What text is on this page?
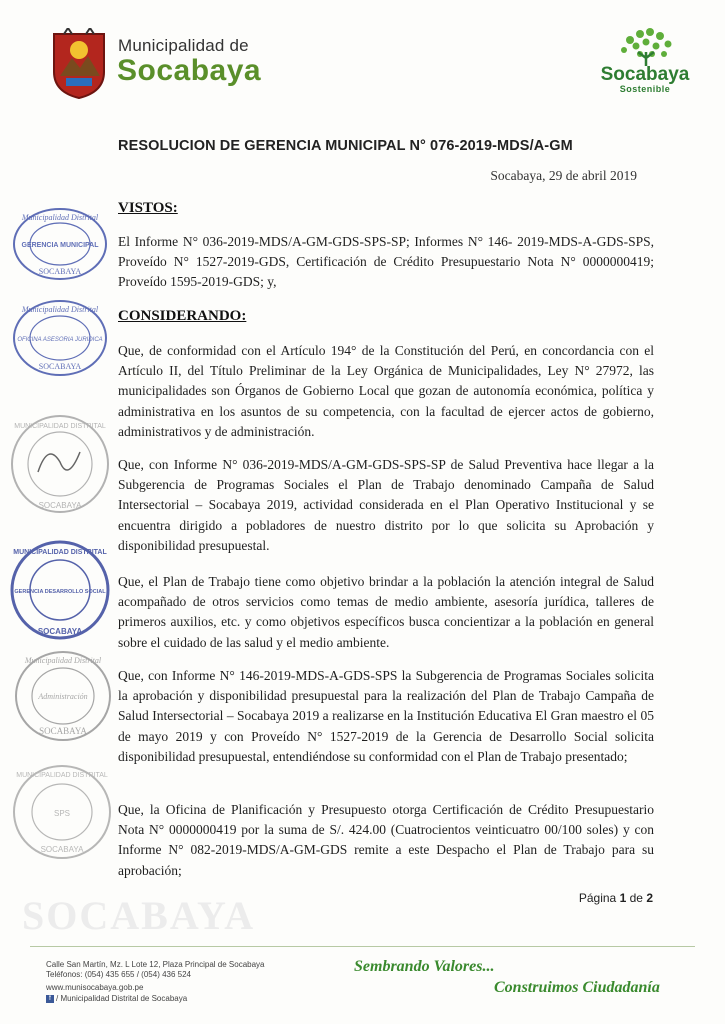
Municipalidad de
Socabaya	Socabaya
Sostenible
RESOLUCION DE GERENCIA MUNICIPAL N° 076-2019-MDS/A-GM
Socabaya, 29 de abril 2019
Municipalidad Distrital
GERENCIA MUNICIPAL
SOCABAYA
Municipalidad Distrital
OFICINA ASESORIA JURIDICA
SOCABAYA
MUNICIPALIDAD DISTRITAL
SOCABAYA
MUNICIPALIDAD DISTRITAL
GERENCIA DESARROLLO SOCIAL
SOCABAYA
Municipalidad Distrital
Administración
SOCABAYA
MUNICIPALIDAD DISTRITAL
SPS
SOCABAYA
VISTOS:
El Informe N° 036-2019-MDS/A-GM-GDS-SPS-SP; Informes N° 146- 2019-MDS-A-GDS-SPS, Proveído N° 1527-2019-GDS, Certificación de Crédito Presupuestario Nota N° 0000000419; Proveído 1595-2019-GDS; y,
CONSIDERANDO:
Que, de conformidad con el Artículo 194° de la Constitución del Perú, en concordancia con el Artículo II, del Título Preliminar de la Ley Orgánica de Municipalidades, Ley N° 27972, las municipalidades son Órganos de Gobierno Local que gozan de autonomía económica, política y administrativa en los asuntos de su competencia, con la facultad de ejercer actos de gobierno, administrativos y de administración.
Que, con Informe N° 036-2019-MDS/A-GM-GDS-SPS-SP de Salud Preventiva hace llegar a la Subgerencia de Programas Sociales el Plan de Trabajo denominado Campaña de Salud Intersectorial – Socabaya 2019, actividad considerada en el Plan Operativo Institucional y se encuentra dirigido a pobladores de nuestro distrito por lo que solicita su Aprobación y disponibilidad presupuestal.
Que, el Plan de Trabajo tiene como objetivo brindar a la población la atención integral de Salud acompañado de otros servicios como temas de medio ambiente, asesoría jurídica, talleres de primeros auxilios, etc. y como objetivos específicos busca concientizar a la población en general sobre el cuidado de las salud y el medio ambiente.
Que, con Informe N° 146-2019-MDS-A-GDS-SPS la Subgerencia de Programas Sociales solicita la aprobación y disponibilidad presupuestal para la realización del Plan de Trabajo Campaña de Salud Intersectorial – Socabaya 2019 a realizarse en la Institución Educativa El Gran maestro el 05 de mayo 2019 y con Proveído N° 1527-2019 de la Gerencia de Desarrollo Social solicita disponibilidad presupuestal, entendiéndose su conformidad con el Plan de Trabajo presentado;
Que, la Oficina de Planificación y Presupuesto otorga Certificación de Crédito Presupuestario Nota N° 0000000419 por la suma de S/. 424.00 (Cuatrocientos veinticuatro 00/100 soles) y con Informe N° 082-2019-MDS/A-GM-GDS remite a este Despacho el Plan de Trabajo para su aprobación;
SOCABAYA	Página 1 de 2
Calle San Martín, Mz. L Lote 12, Plaza Principal de Socabaya
Teléfonos: (054) 435 655 / (054) 436 524
www.munisocabaya.gob.pe
f / Municipalidad Distrital de Socabaya
Sembrando Valores...
Construimos Ciudadanía
